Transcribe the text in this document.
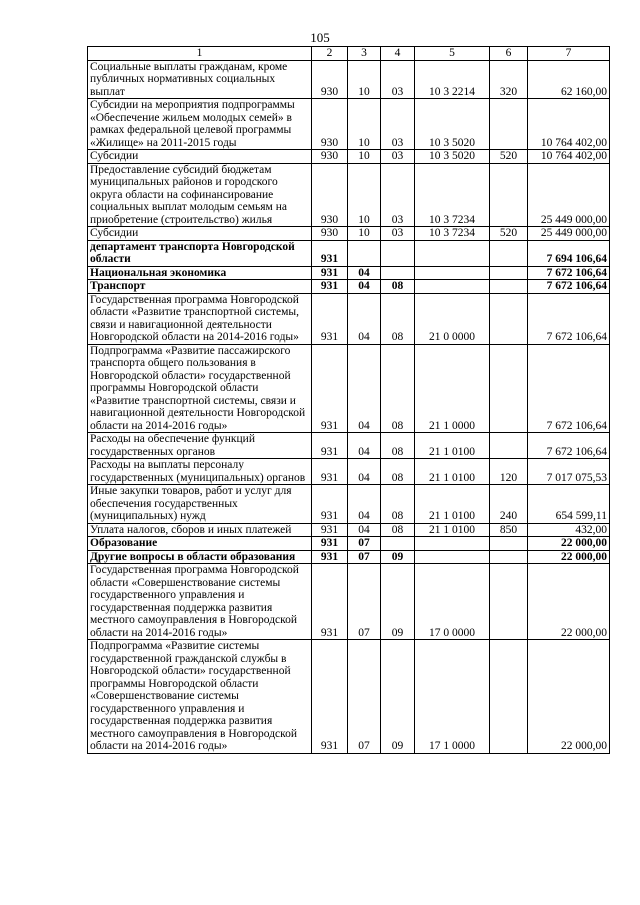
105
1	2	3	4	5	6	7
Социальные выплаты гражданам, кроме публичных нормативных социальных выплат	930	10	03	10 3 2214	320	62 160,00
Субсидии на мероприятия подпрограммы «Обеспечение жильем молодых семей» в рамках федеральной целевой программы «Жилище» на 2011-2015 годы	930	10	03	10 3 5020		10 764 402,00
Субсидии	930	10	03	10 3 5020	520	10 764 402,00
Предоставление субсидий бюджетам муниципальных районов и городского округа области на софинансирование социальных выплат молодым семьям на приобретение (строительство) жилья	930	10	03	10 3 7234		25 449 000,00
Субсидии	930	10	03	10 3 7234	520	25 449 000,00
департамент транспорта Новгородской области	931					7 694 106,64
Национальная экономика	931	04				7 672 106,64
Транспорт	931	04	08			7 672 106,64
Государственная программа Новгородской области «Развитие транспортной системы, связи и навигационной деятельности Новгородской области на 2014-2016 годы»	931	04	08	21 0 0000		7 672 106,64
Подпрограмма «Развитие пассажирского транспорта общего пользования в Новгородской области» государственной программы Новгородской области «Развитие транспортной системы, связи и навигационной деятельности Новгородской области на 2014-2016 годы»	931	04	08	21 1 0000		7 672 106,64
Расходы на обеспечение функций государственных органов	931	04	08	21 1 0100		7 672 106,64
Расходы на выплаты персоналу государственных (муниципальных) органов	931	04	08	21 1 0100	120	7 017 075,53
Иные закупки товаров, работ и услуг для обеспечения государственных (муниципальных) нужд	931	04	08	21 1 0100	240	654 599,11
Уплата налогов, сборов и иных платежей	931	04	08	21 1 0100	850	432,00
Образование	931	07				22 000,00
Другие вопросы в области образования	931	07	09			22 000,00
Государственная программа Новгородской области «Совершенствование системы государственного управления и государственная поддержка развития местного самоуправления в Новгородской области на 2014-2016 годы»	931	07	09	17 0 0000		22 000,00
Подпрограмма «Развитие системы государственной гражданской службы в Новгородской области» государственной программы Новгородской области «Совершенствование системы государственного управления и государственная поддержка развития местного самоуправления в Новгородской области на 2014-2016 годы»	931	07	09	17 1 0000		22 000,00
